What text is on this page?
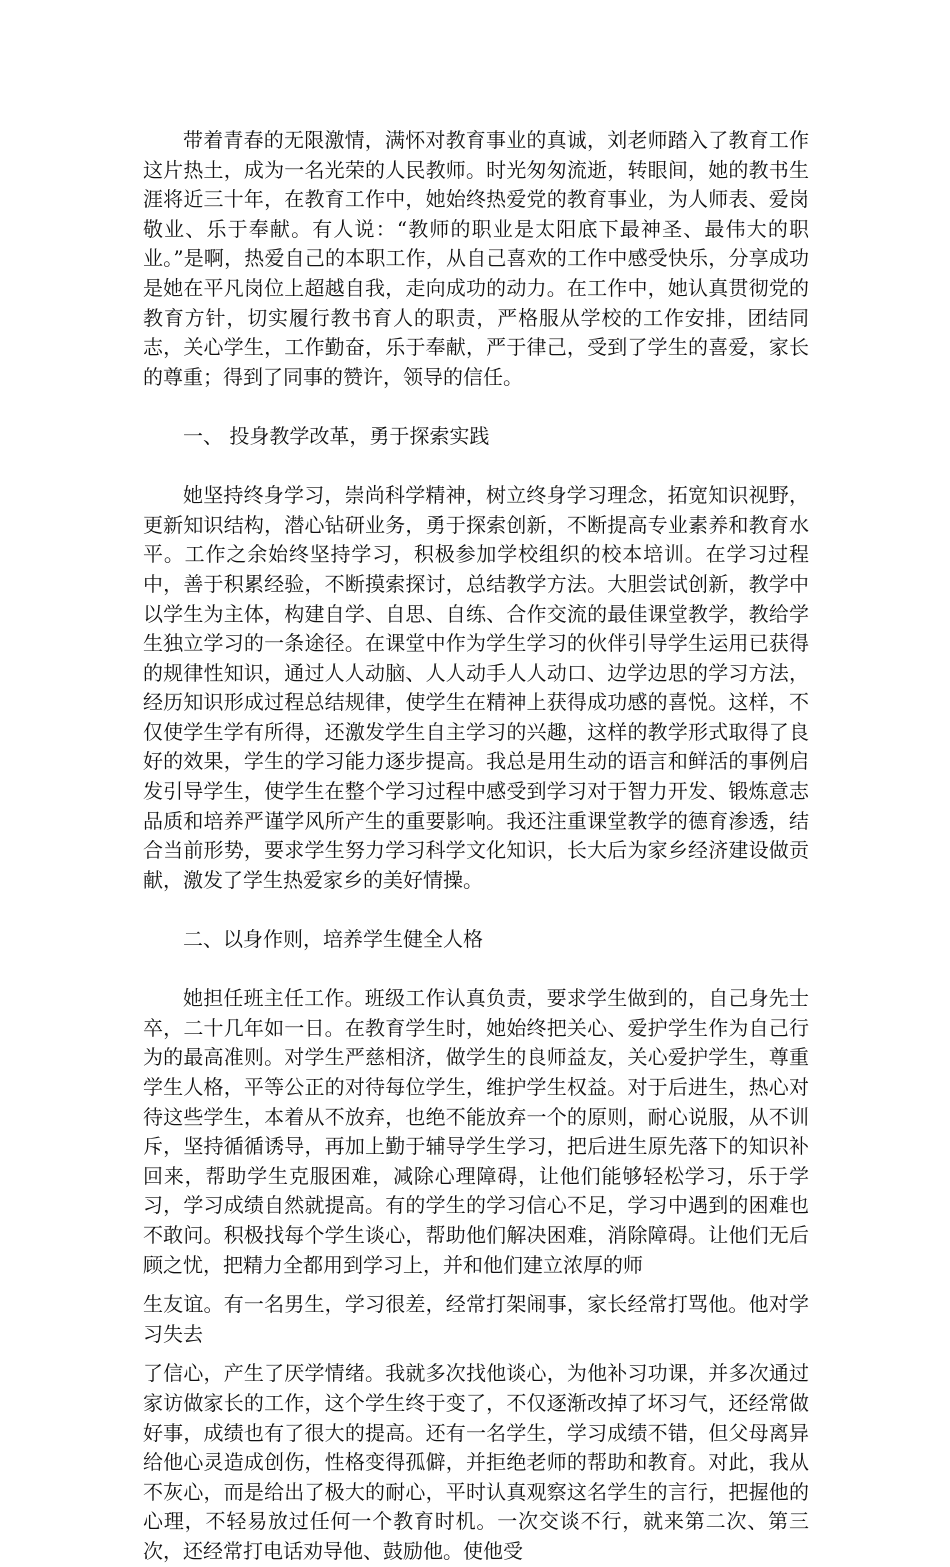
带着青春的无限激情，满怀对教育事业的真诚，刘老师踏入了教育工作这片热土，成为一名光荣的人民教师。时光匆匆流逝，转眼间，她的教书生涯将近三十年，在教育工作中，她始终热爱党的教育事业，为人师表、爱岗敬业、乐于奉献。有人说：“教师的职业是太阳底下最神圣、最伟大的职业。”是啊，热爱自己的本职工作，从自己喜欢的工作中感受快乐，分享成功是她在平凡岗位上超越自我，走向成功的动力。在工作中，她认真贯彻党的教育方针，切实履行教书育人的职责，严格服从学校的工作安排，团结同志，关心学生，工作勤奋，乐于奉献，严于律己，受到了学生的喜爱，家长的尊重；得到了同事的赞许，领导的信任。

一、 投身教学改革，勇于探索实践

她坚持终身学习，崇尚科学精神，树立终身学习理念，拓宽知识视野，更新知识结构，潜心钻研业务，勇于探索创新，不断提高专业素养和教育水平。工作之余始终坚持学习，积极参加学校组织的校本培训。在学习过程中，善于积累经验，不断摸索探讨，总结教学方法。大胆尝试创新，教学中以学生为主体，构建自学、自思、自练、合作交流的最佳课堂教学，教给学生独立学习的一条途径。在课堂中作为学生学习的伙伴引导学生运用已获得的规律性知识，通过人人动脑、人人动手人人动口、边学边思的学习方法，经历知识形成过程总结规律，使学生在精神上获得成功感的喜悦。这样，不仅使学生学有所得，还激发学生自主学习的兴趣，这样的教学形式取得了良好的效果，学生的学习能力逐步提高。我总是用生动的语言和鲜活的事例启发引导学生，使学生在整个学习过程中感受到学习对于智力开发、锻炼意志品质和培养严谨学风所产生的重要影响。我还注重课堂教学的德育渗透，结合当前形势，要求学生努力学习科学文化知识，长大后为家乡经济建设做贡献，激发了学生热爱家乡的美好情操。

二、以身作则，培养学生健全人格

她担任班主任工作。班级工作认真负责，要求学生做到的，自己身先士卒，二十几年如一日。在教育学生时，她始终把关心、爱护学生作为自己行为的最高准则。对学生严慈相济，做学生的良师益友，关心爱护学生，尊重学生人格，平等公正的对待每位学生，维护学生权益。对于后进生，热心对待这些学生，本着从不放弃，也绝不能放弃一个的原则，耐心说服，从不训斥，坚持循循诱导，再加上勤于辅导学生学习，把后进生原先落下的知识补回来，帮助学生克服困难，减除心理障碍，让他们能够轻松学习，乐于学习，学习成绩自然就提高。有的学生的学习信心不足，学习中遇到的困难也不敢问。积极找每个学生谈心，帮助他们解决困难，消除障碍。让他们无后顾之忧，把精力全都用到学习上，并和他们建立浓厚的师

生友谊。有一名男生，学习很差，经常打架闹事，家长经常打骂他。他对学习失去

了信心，产生了厌学情绪。我就多次找他谈心，为他补习功课，并多次通过家访做家长的工作，这个学生终于变了，不仅逐渐改掉了坏习气，还经常做好事，成绩也有了很大的提高。还有一名学生，学习成绩不错，但父母离异给他心灵造成创伤，性格变得孤僻，并拒绝老师的帮助和教育。对此，我从不灰心，而是给出了极大的耐心，平时认真观察这名学生的言行，把握他的心理，不轻易放过任何一个教育时机。一次交谈不行，就来第二次、第三次，还经常打电话劝导他、鼓励他。使他受
